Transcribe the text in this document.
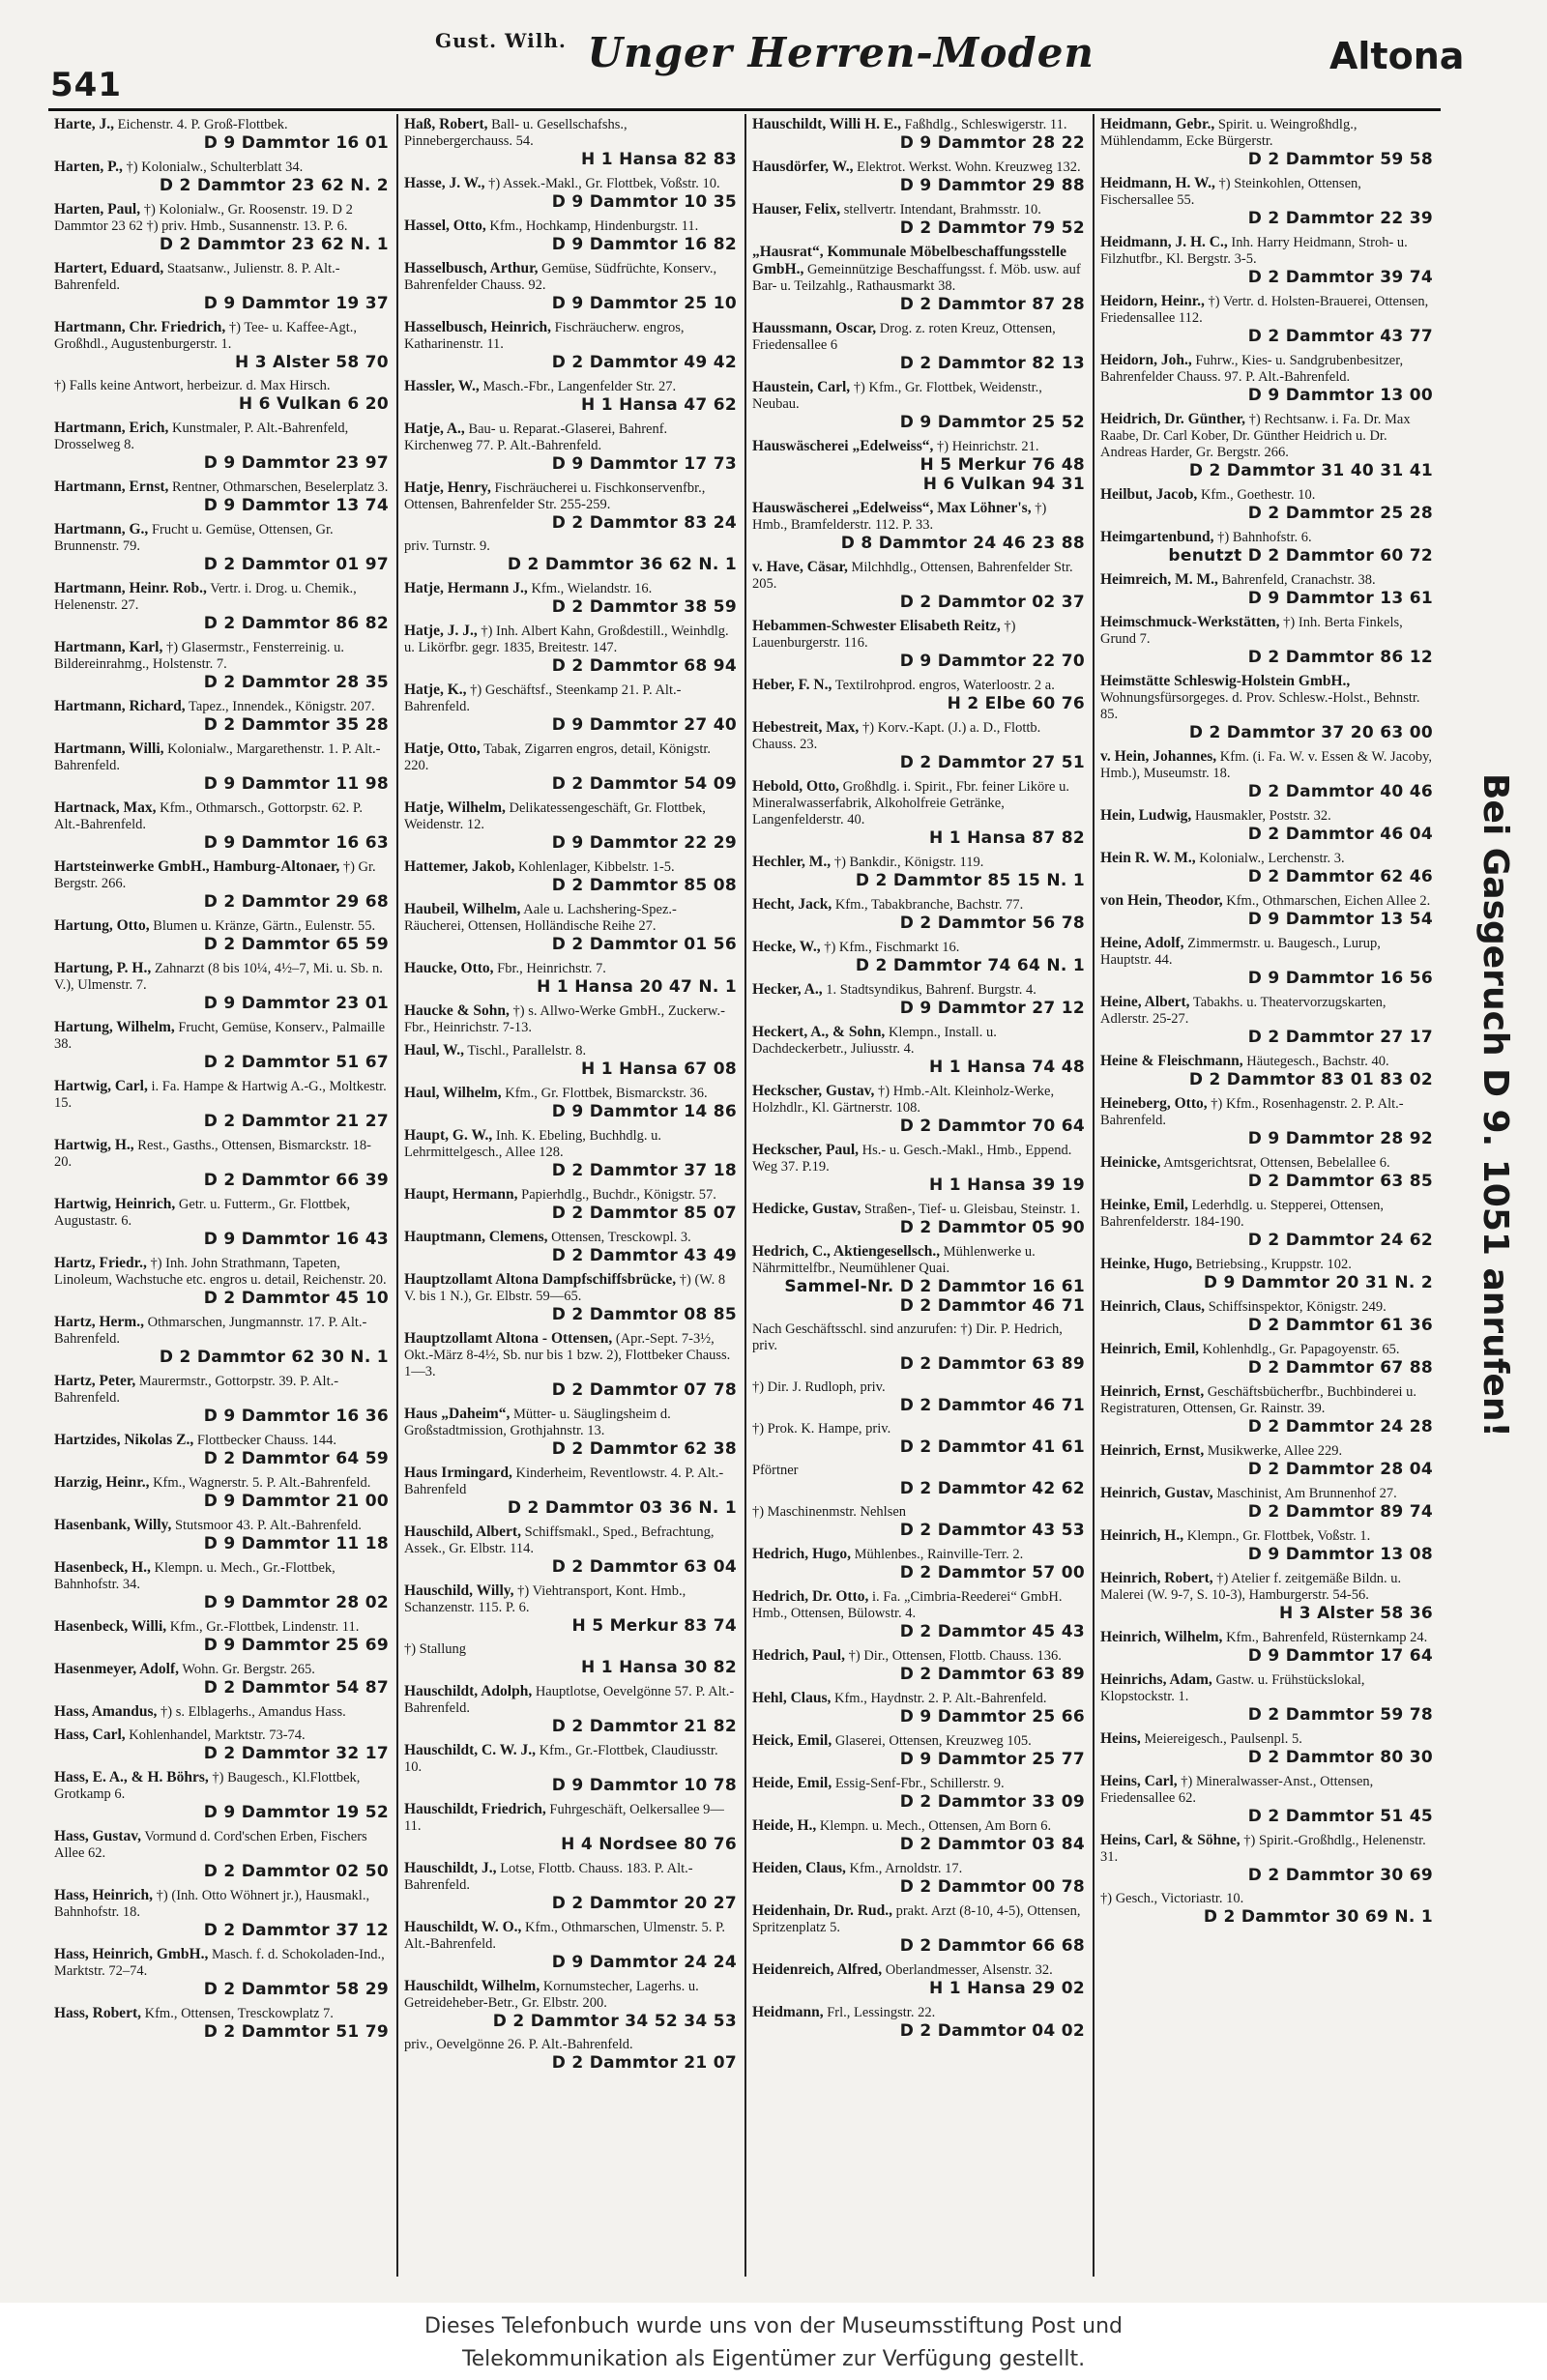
541
$^{Gust. Wilh.}$ Unger Herren-Moden	Altona
Harte, J., Eichenstr. 4. P. Groß-Flottbek.
D 9 Dammtor 16 01
Harten, P., †) Kolonialw., Schulterblatt 34.
D 2 Dammtor 23 62 N. 2
Harten, Paul, †) Kolonialw., Gr. Roosenstr. 19. D 2 Dammtor 23 62 †) priv. Hmb., Susannenstr. 13. P. 6.
D 2 Dammtor 23 62 N. 1
Hartert, Eduard, Staatsanw., Julienstr. 8. P. Alt.-Bahrenfeld.
D 9 Dammtor 19 37
Hartmann, Chr. Friedrich, †) Tee- u. Kaffee-Agt., Großhdl., Augustenburgerstr. 1.
H 3 Alster 58 70
†) Falls keine Antwort, herbeizur. d. Max Hirsch.
H 6 Vulkan 6 20
Hartmann, Erich, Kunstmaler, P. Alt.-Bahrenfeld, Drosselweg 8.
D 9 Dammtor 23 97
Hartmann, Ernst, Rentner, Othmarschen, Beselerplatz 3.
D 9 Dammtor 13 74
Hartmann, G., Frucht u. Gemüse, Ottensen, Gr. Brunnenstr. 79.
D 2 Dammtor 01 97
Hartmann, Heinr. Rob., Vertr. i. Drog. u. Chemik., Helenenstr. 27.
D 2 Dammtor 86 82
Hartmann, Karl, †) Glasermstr., Fensterreinig. u. Bildereinrahmg., Holstenstr. 7.
D 2 Dammtor 28 35
Hartmann, Richard, Tapez., Innendek., Königstr. 207.
D 2 Dammtor 35 28
Hartmann, Willi, Kolonialw., Margarethenstr. 1. P. Alt.-Bahrenfeld.
D 9 Dammtor 11 98
Hartnack, Max, Kfm., Othmarsch., Gottorpstr. 62. P. Alt.-Bahrenfeld.
D 9 Dammtor 16 63
Hartsteinwerke GmbH., Hamburg-Altonaer, †) Gr. Bergstr. 266.
D 2 Dammtor 29 68
Hartung, Otto, Blumen u. Kränze, Gärtn., Eulenstr. 55.
D 2 Dammtor 65 59
Hartung, P. H., Zahnarzt (8 bis 10¼, 4½–7, Mi. u. Sb. n. V.), Ulmenstr. 7.
D 9 Dammtor 23 01
Hartung, Wilhelm, Frucht, Gemüse, Konserv., Palmaille 38.
D 2 Dammtor 51 67
Hartwig, Carl, i. Fa. Hampe & Hartwig A.-G., Moltkestr. 15.
D 2 Dammtor 21 27
Hartwig, H., Rest., Gasths., Ottensen, Bismarckstr. 18-20.
D 2 Dammtor 66 39
Hartwig, Heinrich, Getr. u. Futterm., Gr. Flottbek, Augustastr. 6.
D 9 Dammtor 16 43
Hartz, Friedr., †) Inh. John Strathmann, Tapeten, Linoleum, Wachstuche etc. engros u. detail, Reichenstr. 20.
D 2 Dammtor 45 10
Hartz, Herm., Othmarschen, Jungmannstr. 17. P. Alt.-Bahrenfeld.
D 2 Dammtor 62 30 N. 1
Hartz, Peter, Maurermstr., Gottorpstr. 39. P. Alt.-Bahrenfeld.
D 9 Dammtor 16 36
Hartzides, Nikolas Z., Flottbecker Chauss. 144.
D 2 Dammtor 64 59
Harzig, Heinr., Kfm., Wagnerstr. 5. P. Alt.-Bahrenfeld.
D 9 Dammtor 21 00
Hasenbank, Willy, Stutsmoor 43. P. Alt.-Bahrenfeld.
D 9 Dammtor 11 18
Hasenbeck, H., Klempn. u. Mech., Gr.-Flottbek, Bahnhofstr. 34.
D 9 Dammtor 28 02
Hasenbeck, Willi, Kfm., Gr.-Flottbek, Lindenstr. 11.
D 9 Dammtor 25 69
Hasenmeyer, Adolf, Wohn. Gr. Bergstr. 265.
D 2 Dammtor 54 87
Hass, Amandus, †) s. Elblagerhs., Amandus Hass.
Hass, Carl, Kohlenhandel, Marktstr. 73-74.
D 2 Dammtor 32 17
Hass, E. A., & H. Böhrs, †) Baugesch., Kl.Flottbek, Grotkamp 6.
D 9 Dammtor 19 52
Hass, Gustav, Vormund d. Cord'schen Erben, Fischers Allee 62.
D 2 Dammtor 02 50
Hass, Heinrich, †) (Inh. Otto Wöhnert jr.), Hausmakl., Bahnhofstr. 18.
D 2 Dammtor 37 12
Hass, Heinrich, GmbH., Masch. f. d. Schokoladen-Ind., Marktstr. 72–74.
D 2 Dammtor 58 29
Hass, Robert, Kfm., Ottensen, Tresckowplatz 7.
D 2 Dammtor 51 79
Haß, Robert, Ball- u. Gesellschafshs., Pinnebergerchauss. 54.
H 1 Hansa 82 83
Hasse, J. W., †) Assek.-Makl., Gr. Flottbek, Voßstr. 10.
D 9 Dammtor 10 35
Hassel, Otto, Kfm., Hochkamp, Hindenburgstr. 11.
D 9 Dammtor 16 82
Hasselbusch, Arthur, Gemüse, Südfrüchte, Konserv., Bahrenfelder Chauss. 92.
D 9 Dammtor 25 10
Hasselbusch, Heinrich, Fischräucherw. engros, Katharinenstr. 11.
D 2 Dammtor 49 42
Hassler, W., Masch.-Fbr., Langenfelder Str. 27.
H 1 Hansa 47 62
Hatje, A., Bau- u. Reparat.-Glaserei, Bahrenf. Kirchenweg 77. P. Alt.-Bahrenfeld.
D 9 Dammtor 17 73
Hatje, Henry, Fischräucherei u. Fischkonservenfbr., Ottensen, Bahrenfelder Str. 255-259.
D 2 Dammtor 83 24
priv. Turnstr. 9.
D 2 Dammtor 36 62 N. 1
Hatje, Hermann J., Kfm., Wielandstr. 16.
D 2 Dammtor 38 59
Hatje, J. J., †) Inh. Albert Kahn, Großdestill., Weinhdlg. u. Likörfbr. gegr. 1835, Breitestr. 147.
D 2 Dammtor 68 94
Hatje, K., †) Geschäftsf., Steenkamp 21. P. Alt.-Bahrenfeld.
D 9 Dammtor 27 40
Hatje, Otto, Tabak, Zigarren engros, detail, Königstr. 220.
D 2 Dammtor 54 09
Hatje, Wilhelm, Delikatessengeschäft, Gr. Flottbek, Weidenstr. 12.
D 9 Dammtor 22 29
Hattemer, Jakob, Kohlenlager, Kibbelstr. 1-5.
D 2 Dammtor 85 08
Haubeil, Wilhelm, Aale u. Lachshering-Spez.-Räucherei, Ottensen, Holländische Reihe 27.
D 2 Dammtor 01 56
Haucke, Otto, Fbr., Heinrichstr. 7.
H 1 Hansa 20 47 N. 1
Haucke & Sohn, †) s. Allwo-Werke GmbH., Zuckerw.-Fbr., Heinrichstr. 7-13.
Haul, W., Tischl., Parallelstr. 8.
H 1 Hansa 67 08
Haul, Wilhelm, Kfm., Gr. Flottbek, Bismarckstr. 36.
D 9 Dammtor 14 86
Haupt, G. W., Inh. K. Ebeling, Buchhdlg. u. Lehrmittelgesch., Allee 128.
D 2 Dammtor 37 18
Haupt, Hermann, Papierhdlg., Buchdr., Königstr. 57.
D 2 Dammtor 85 07
Hauptmann, Clemens, Ottensen, Tresckowpl. 3.
D 2 Dammtor 43 49
Hauptzollamt Altona Dampfschiffsbrücke, †) (W. 8 V. bis 1 N.), Gr. Elbstr. 59—65.
D 2 Dammtor 08 85
Hauptzollamt Altona - Ottensen, (Apr.-Sept. 7-3½, Okt.-März 8-4½, Sb. nur bis 1 bzw. 2), Flottbeker Chauss. 1—3.
D 2 Dammtor 07 78
Haus „Daheim“, Mütter- u. Säuglingsheim d. Großstadtmission, Grothjahnstr. 13.
D 2 Dammtor 62 38
Haus Irmingard, Kinderheim, Reventlowstr. 4. P. Alt.-Bahrenfeld
D 2 Dammtor 03 36 N. 1
Hauschild, Albert, Schiffsmakl., Sped., Befrachtung, Assek., Gr. Elbstr. 114.
D 2 Dammtor 63 04
Hauschild, Willy, †) Viehtransport, Kont. Hmb., Schanzenstr. 115. P. 6.
H 5 Merkur 83 74
†) Stallung
H 1 Hansa 30 82
Hauschildt, Adolph, Hauptlotse, Oevelgönne 57. P. Alt.-Bahrenfeld.
D 2 Dammtor 21 82
Hauschildt, C. W. J., Kfm., Gr.-Flottbek, Claudiusstr. 10.
D 9 Dammtor 10 78
Hauschildt, Friedrich, Fuhrgeschäft, Oelkersallee 9—11.
H 4 Nordsee 80 76
Hauschildt, J., Lotse, Flottb. Chauss. 183. P. Alt.-Bahrenfeld.
D 2 Dammtor 20 27
Hauschildt, W. O., Kfm., Othmarschen, Ulmenstr. 5. P. Alt.-Bahrenfeld.
D 9 Dammtor 24 24
Hauschildt, Wilhelm, Kornumstecher, Lagerhs. u. Getreideheber-Betr., Gr. Elbstr. 200.
D 2 Dammtor 34 52 34 53
priv., Oevelgönne 26. P. Alt.-Bahrenfeld.
D 2 Dammtor 21 07
Hauschildt, Willi H. E., Faßhdlg., Schleswigerstr. 11.
D 9 Dammtor 28 22
Hausdörfer, W., Elektrot. Werkst. Wohn. Kreuzweg 132.
D 9 Dammtor 29 88
Hauser, Felix, stellvertr. Intendant, Brahmsstr. 10.
D 2 Dammtor 79 52
„Hausrat“, Kommunale Möbelbeschaffungsstelle GmbH., Gemeinnützige Beschaffungsst. f. Möb. usw. auf Bar- u. Teilzahlg., Rathausmarkt 38.
D 2 Dammtor 87 28
Haussmann, Oscar, Drog. z. roten Kreuz, Ottensen, Friedensallee 6
D 2 Dammtor 82 13
Haustein, Carl, †) Kfm., Gr. Flottbek, Weidenstr., Neubau.
D 9 Dammtor 25 52
Hauswäscherei „Edelweiss“, †) Heinrichstr. 21.
H 5 Merkur 76 48
H 6 Vulkan 94 31
Hauswäscherei „Edelweiss“, Max Löhner's, †) Hmb., Bramfelderstr. 112. P. 33.
D 8 Dammtor 24 46 23 88
v. Have, Cäsar, Milchhdlg., Ottensen, Bahrenfelder Str. 205.
D 2 Dammtor 02 37
Hebammen-Schwester Elisabeth Reitz, †) Lauenburgerstr. 116.
D 9 Dammtor 22 70
Heber, F. N., Textilrohprod. engros, Waterloostr. 2 a.
H 2 Elbe 60 76
Hebestreit, Max, †) Korv.-Kapt. (J.) a. D., Flottb. Chauss. 23.
D 2 Dammtor 27 51
Hebold, Otto, Großhdlg. i. Spirit., Fbr. feiner Liköre u. Mineralwasserfabrik, Alkoholfreie Getränke, Langenfelderstr. 40.
H 1 Hansa 87 82
Hechler, M., †) Bankdir., Königstr. 119.
D 2 Dammtor 85 15 N. 1
Hecht, Jack, Kfm., Tabakbranche, Bachstr. 77.
D 2 Dammtor 56 78
Hecke, W., †) Kfm., Fischmarkt 16.
D 2 Dammtor 74 64 N. 1
Hecker, A., 1. Stadtsyndikus, Bahrenf. Burgstr. 4.
D 9 Dammtor 27 12
Heckert, A., & Sohn, Klempn., Install. u. Dachdeckerbetr., Juliusstr. 4.
H 1 Hansa 74 48
Heckscher, Gustav, †) Hmb.-Alt. Kleinholz-Werke, Holzhdlr., Kl. Gärtnerstr. 108.
D 2 Dammtor 70 64
Heckscher, Paul, Hs.- u. Gesch.-Makl., Hmb., Eppend. Weg 37. P.19.
H 1 Hansa 39 19
Hedicke, Gustav, Straßen-, Tief- u. Gleisbau, Steinstr. 1.
D 2 Dammtor 05 90
Hedrich, C., Aktiengesellsch., Mühlenwerke u. Nährmittelfbr., Neumühlener Quai.
Sammel-Nr. D 2 Dammtor 16 61
D 2 Dammtor 46 71
Nach Geschäftsschl. sind anzurufen: †) Dir. P. Hedrich, priv.
D 2 Dammtor 63 89
†) Dir. J. Rudloph, priv.
D 2 Dammtor 46 71
†) Prok. K. Hampe, priv.
D 2 Dammtor 41 61
Pförtner
D 2 Dammtor 42 62
†) Maschinenmstr. Nehlsen
D 2 Dammtor 43 53
Hedrich, Hugo, Mühlenbes., Rainville-Terr. 2.
D 2 Dammtor 57 00
Hedrich, Dr. Otto, i. Fa. „Cimbria-Reederei“ GmbH. Hmb., Ottensen, Bülowstr. 4.
D 2 Dammtor 45 43
Hedrich, Paul, †) Dir., Ottensen, Flottb. Chauss. 136.
D 2 Dammtor 63 89
Hehl, Claus, Kfm., Haydnstr. 2. P. Alt.-Bahrenfeld.
D 9 Dammtor 25 66
Heick, Emil, Glaserei, Ottensen, Kreuzweg 105.
D 9 Dammtor 25 77
Heide, Emil, Essig-Senf-Fbr., Schillerstr. 9.
D 2 Dammtor 33 09
Heide, H., Klempn. u. Mech., Ottensen, Am Born 6.
D 2 Dammtor 03 84
Heiden, Claus, Kfm., Arnoldstr. 17.
D 2 Dammtor 00 78
Heidenhain, Dr. Rud., prakt. Arzt (8-10, 4-5), Ottensen, Spritzenplatz 5.
D 2 Dammtor 66 68
Heidenreich, Alfred, Oberlandmesser, Alsenstr. 32.
H 1 Hansa 29 02
Heidmann, Frl., Lessingstr. 22.
D 2 Dammtor 04 02
Heidmann, Gebr., Spirit. u. Weingroßhdlg., Mühlendamm, Ecke Bürgerstr.
D 2 Dammtor 59 58
Heidmann, H. W., †) Steinkohlen, Ottensen, Fischersallee 55.
D 2 Dammtor 22 39
Heidmann, J. H. C., Inh. Harry Heidmann, Stroh- u. Filzhutfbr., Kl. Bergstr. 3-5.
D 2 Dammtor 39 74
Heidorn, Heinr., †) Vertr. d. Holsten-Brauerei, Ottensen, Friedensallee 112.
D 2 Dammtor 43 77
Heidorn, Joh., Fuhrw., Kies- u. Sandgrubenbesitzer, Bahrenfelder Chauss. 97. P. Alt.-Bahrenfeld.
D 9 Dammtor 13 00
Heidrich, Dr. Günther, †) Rechtsanw. i. Fa. Dr. Max Raabe, Dr. Carl Kober, Dr. Günther Heidrich u. Dr. Andreas Harder, Gr. Bergstr. 266.
D 2 Dammtor 31 40 31 41
Heilbut, Jacob, Kfm., Goethestr. 10.
D 2 Dammtor 25 28
Heimgartenbund, †) Bahnhofstr. 6.
benutzt D 2 Dammtor 60 72
Heimreich, M. M., Bahrenfeld, Cranachstr. 38.
D 9 Dammtor 13 61
Heimschmuck-Werkstätten, †) Inh. Berta Finkels, Grund 7.
D 2 Dammtor 86 12
Heimstätte Schleswig-Holstein GmbH., Wohnungsfürsorgeges. d. Prov. Schlesw.-Holst., Behnstr. 85.
D 2 Dammtor 37 20 63 00
v. Hein, Johannes, Kfm. (i. Fa. W. v. Essen & W. Jacoby, Hmb.), Museumstr. 18.
D 2 Dammtor 40 46
Hein, Ludwig, Hausmakler, Poststr. 32.
D 2 Dammtor 46 04
Hein R. W. M., Kolonialw., Lerchenstr. 3.
D 2 Dammtor 62 46
von Hein, Theodor, Kfm., Othmarschen, Eichen Allee 2.
D 9 Dammtor 13 54
Heine, Adolf, Zimmermstr. u. Baugesch., Lurup, Hauptstr. 44.
D 9 Dammtor 16 56
Heine, Albert, Tabakhs. u. Theatervorzugskarten, Adlerstr. 25-27.
D 2 Dammtor 27 17
Heine & Fleischmann, Häutegesch., Bachstr. 40.
D 2 Dammtor 83 01 83 02
Heineberg, Otto, †) Kfm., Rosenhagenstr. 2. P. Alt.-Bahrenfeld.
D 9 Dammtor 28 92
Heinicke, Amtsgerichtsrat, Ottensen, Bebelallee 6.
D 2 Dammtor 63 85
Heinke, Emil, Lederhdlg. u. Stepperei, Ottensen, Bahrenfelderstr. 184-190.
D 2 Dammtor 24 62
Heinke, Hugo, Betriebsing., Kruppstr. 102.
D 9 Dammtor 20 31 N. 2
Heinrich, Claus, Schiffsinspektor, Königstr. 249.
D 2 Dammtor 61 36
Heinrich, Emil, Kohlenhdlg., Gr. Papagoyenstr. 65.
D 2 Dammtor 67 88
Heinrich, Ernst, Geschäftsbücherfbr., Buchbinderei u. Registraturen, Ottensen, Gr. Rainstr. 39.
D 2 Dammtor 24 28
Heinrich, Ernst, Musikwerke, Allee 229.
D 2 Dammtor 28 04
Heinrich, Gustav, Maschinist, Am Brunnenhof 27.
D 2 Dammtor 89 74
Heinrich, H., Klempn., Gr. Flottbek, Voßstr. 1.
D 9 Dammtor 13 08
Heinrich, Robert, †) Atelier f. zeitgemäße Bildn. u. Malerei (W. 9-7, S. 10-3), Hamburgerstr. 54-56.
H 3 Alster 58 36
Heinrich, Wilhelm, Kfm., Bahrenfeld, Rüsternkamp 24.
D 9 Dammtor 17 64
Heinrichs, Adam, Gastw. u. Frühstückslokal, Klopstockstr. 1.
D 2 Dammtor 59 78
Heins, Meiereigesch., Paulsenpl. 5.
D 2 Dammtor 80 30
Heins, Carl, †) Mineralwasser-Anst., Ottensen, Friedensallee 62.
D 2 Dammtor 51 45
Heins, Carl, & Söhne, †) Spirit.-Großhdlg., Helenenstr. 31.
D 2 Dammtor 30 69
†) Gesch., Victoriastr. 10.
D 2 Dammtor 30 69 N. 1
Bei Gasgeruch D 9. 1051 anrufen!
Dieses Telefonbuch wurde uns von der Museumsstiftung Post und
Telekommunikation als Eigentümer zur Verfügung gestellt.
